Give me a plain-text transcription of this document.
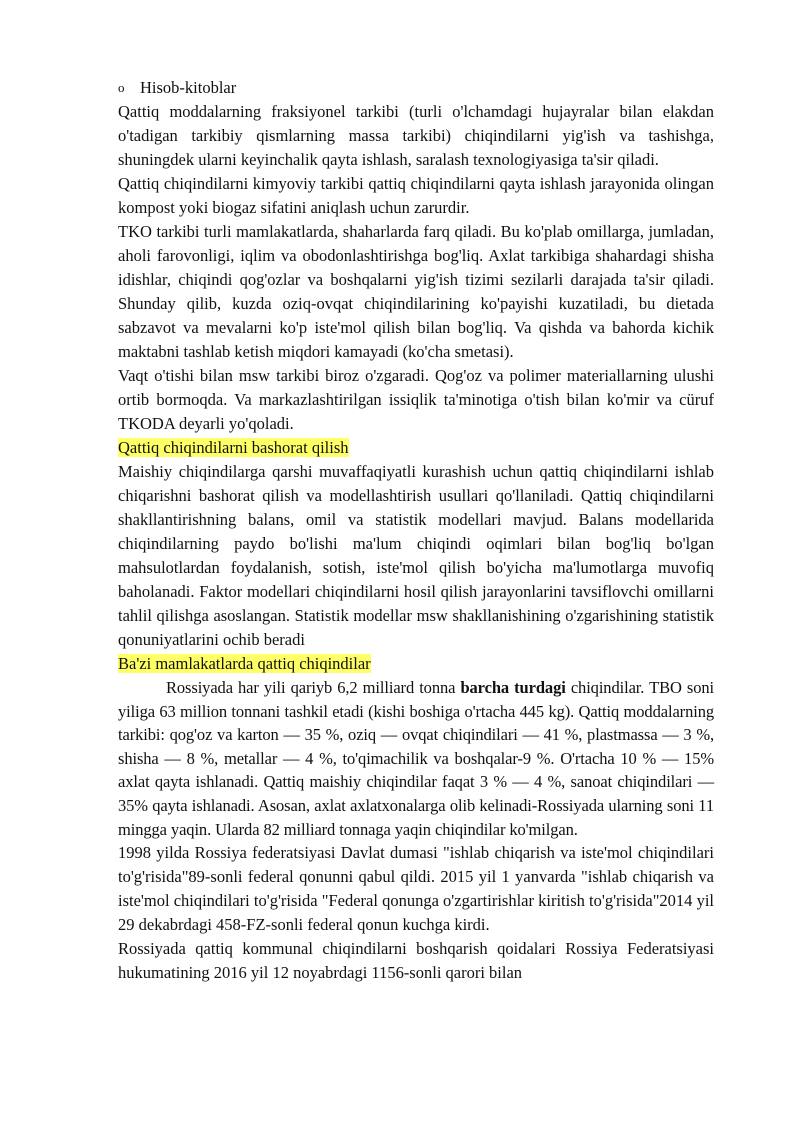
o Hisob-kitoblar

Qattiq moddalarning fraksiyonel tarkibi (turli o'lchamdagi hujayralar bilan elakdan o'tadigan tarkibiy qismlarning massa tarkibi) chiqindilarni yig'ish va tashishga, shuningdek ularni keyinchalik qayta ishlash, saralash texnologiyasiga ta'sir qiladi.

Qattiq chiqindilarni kimyoviy tarkibi qattiq chiqindilarni qayta ishlash jarayonida olingan kompost yoki biogaz sifatini aniqlash uchun zarurdir.

TKO tarkibi turli mamlakatlarda, shaharlarda farq qiladi. Bu ko'plab omillarga, jumladan, aholi farovonligi, iqlim va obodonlashtirishga bog'liq. Axlat tarkibiga shahardagi shisha idishlar, chiqindi qog'ozlar va boshqalarni yig'ish tizimi sezilarli darajada ta'sir qiladi. Shunday qilib, kuzda oziq-ovqat chiqindilarining ko'payishi kuzatiladi, bu dietada sabzavot va mevalarni ko'p iste'mol qilish bilan bog'liq. Va qishda va bahorda kichik maktabni tashlab ketish miqdori kamayadi (ko'cha smetasi).

Vaqt o'tishi bilan msw tarkibi biroz o'zgaradi. Qog'oz va polimer materiallarning ulushi ortib bormoqda. Va markazlashtirilgan issiqlik ta'minotiga o'tish bilan ko'mir va cüruf TKODA deyarli yo'qoladi.

Qattiq chiqindilarni bashorat qilish

Maishiy chiqindilarga qarshi muvaffaqiyatli kurashish uchun qattiq chiqindilarni ishlab chiqarishni bashorat qilish va modellashtirish usullari qo'llaniladi. Qattiq chiqindilarni shakllantirishning balans, omil va statistik modellari mavjud. Balans modellarida chiqindilarning paydo bo'lishi ma'lum chiqindi oqimlari bilan bog'liq bo'lgan mahsulotlardan foydalanish, sotish, iste'mol qilish bo'yicha ma'lumotlarga muvofiq baholanadi. Faktor modellari chiqindilarni hosil qilish jarayonlarini tavsiflovchi omillarni tahlil qilishga asoslangan. Statistik modellar msw shakllanishining o'zgarishining statistik qonuniyatlarini ochib beradi

Ba'zi mamlakatlarda qattiq chiqindilar

Rossiyada har yili qariyb 6,2 milliard tonna barcha turdagi chiqindilar. TBO soni yiliga 63 million tonnani tashkil etadi (kishi boshiga o'rtacha 445 kg). Qattiq moddalarning tarkibi: qog'oz va karton — 35 %, oziq — ovqat chiqindilari — 41 %, plastmassa — 3 %, shisha — 8 %, metallar — 4 %, to'qimachilik va boshqalar-9 %. O'rtacha 10 % — 15% axlat qayta ishlanadi. Qattiq maishiy chiqindilar faqat 3 % — 4 %, sanoat chiqindilari — 35% qayta ishlanadi. Asosan, axlat axlatxonalarga olib kelinadi-Rossiyada ularning soni 11 mingga yaqin. Ularda 82 milliard tonnaga yaqin chiqindilar ko'milgan.

1998 yilda Rossiya federatsiyasi Davlat dumasi "ishlab chiqarish va iste'mol chiqindilari to'g'risida"89-sonli federal qonunni qabul qildi. 2015 yil 1 yanvarda "ishlab chiqarish va iste'mol chiqindilari to'g'risida "Federal qonunga o'zgartirishlar kiritish to'g'risida"2014 yil 29 dekabrdagi 458-FZ-sonli federal qonun kuchga kirdi.

Rossiyada qattiq kommunal chiqindilarni boshqarish qoidalari Rossiya Federatsiyasi hukumatining 2016 yil 12 noyabrdagi 1156-sonli qarori bilan
